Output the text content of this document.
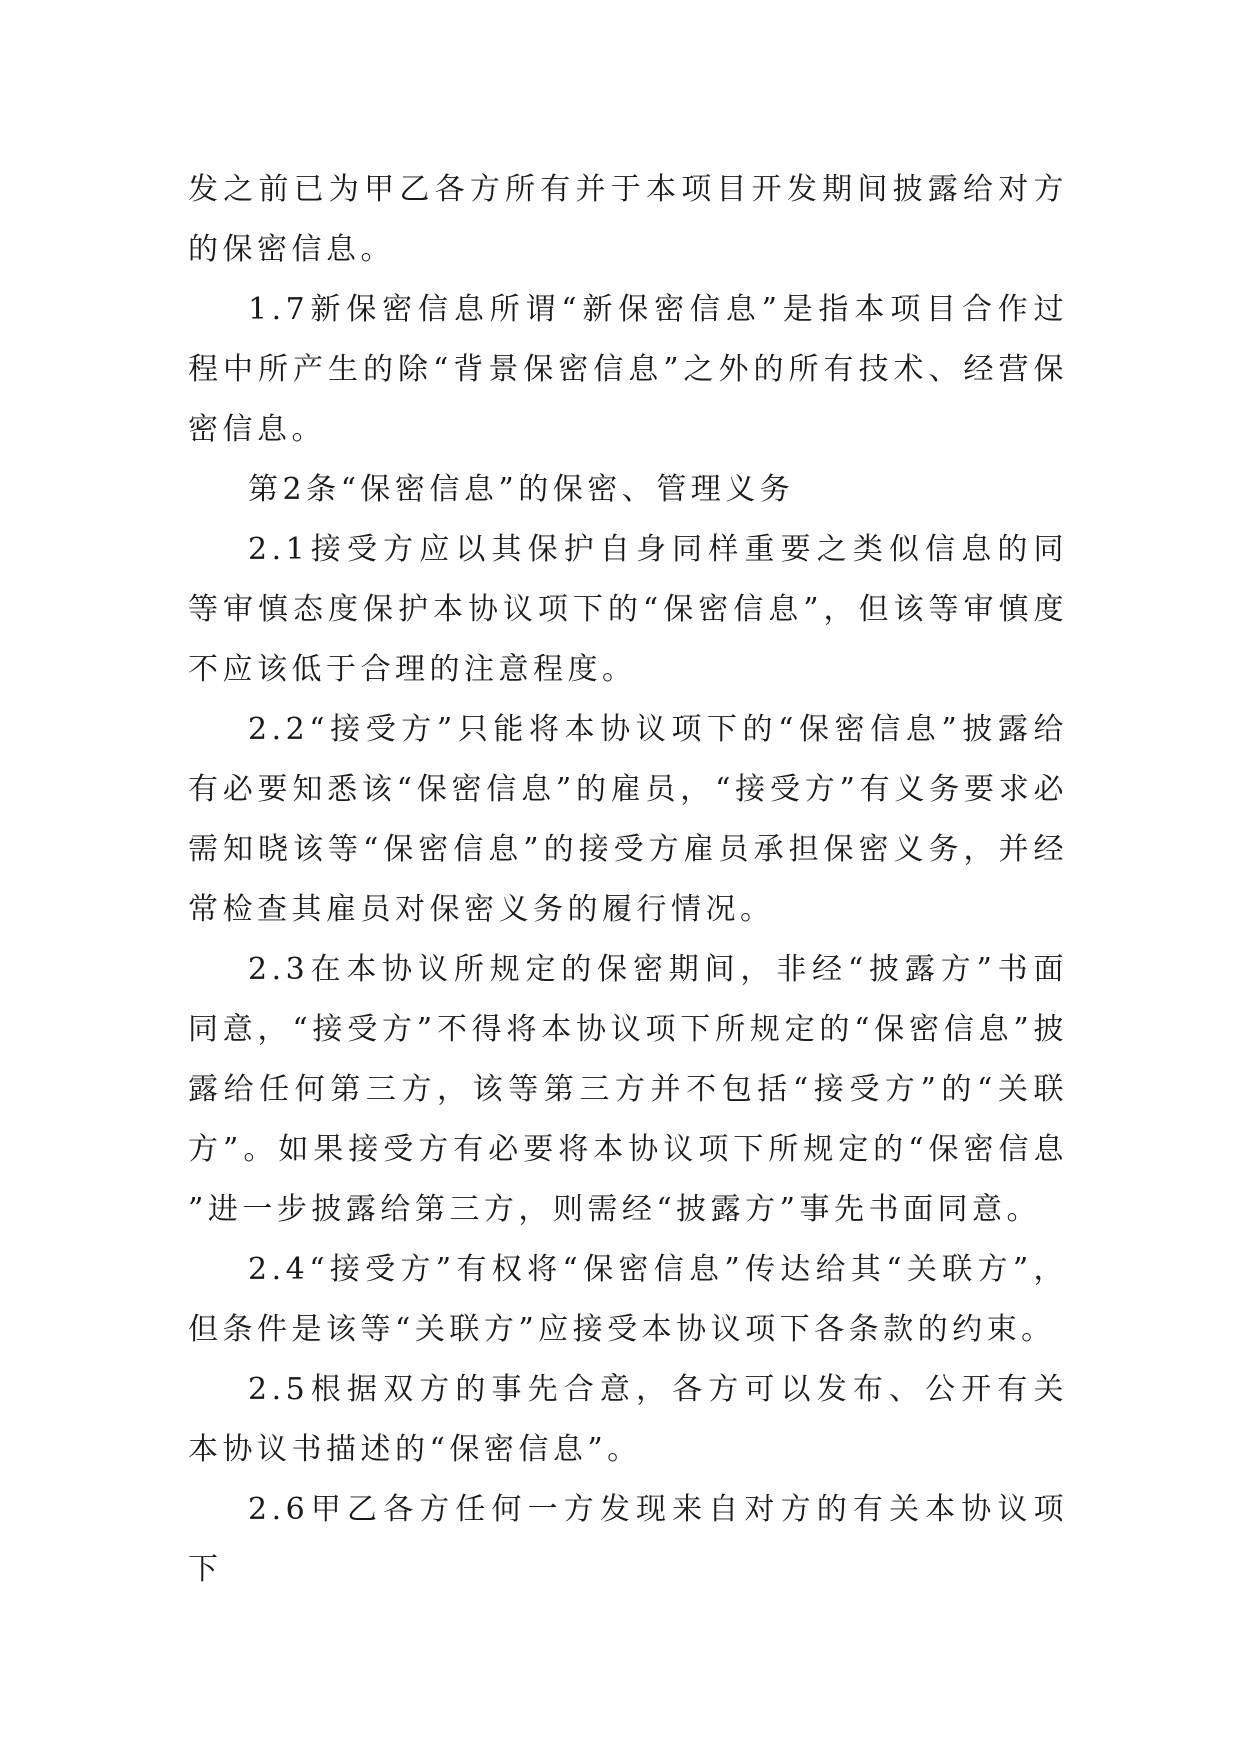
发之前已为甲乙各方所有并于本项目开发期间披露给对方的保密信息。

1.7新保密信息所谓“新保密信息”是指本项目合作过程中所产生的除“背景保密信息”之外的所有技术、经营保密信息。

第2条“保密信息”的保密、管理义务

2.1接受方应以其保护自身同样重要之类似信息的同等审慎态度保护本协议项下的“保密信息”，但该等审慎度不应该低于合理的注意程度。

2.2“接受方”只能将本协议项下的“保密信息”披露给有必要知悉该“保密信息”的雇员，“接受方”有义务要求必需知晓该等“保密信息”的接受方雇员承担保密义务，并经常检查其雇员对保密义务的履行情况。

2.3在本协议所规定的保密期间，非经“披露方”书面同意，“接受方”不得将本协议项下所规定的“保密信息”披露给任何第三方，该等第三方并不包括“接受方”的“关联方”。如果接受方有必要将本协议项下所规定的“保密信息”进一步披露给第三方，则需经“披露方”事先书面同意。

2.4“接受方”有权将“保密信息”传达给其“关联方”，但条件是该等“关联方”应接受本协议项下各条款的约束。

2.5根据双方的事先合意，各方可以发布、公开有关本协议书描述的“保密信息”。

2.6甲乙各方任何一方发现来自对方的有关本协议项下
